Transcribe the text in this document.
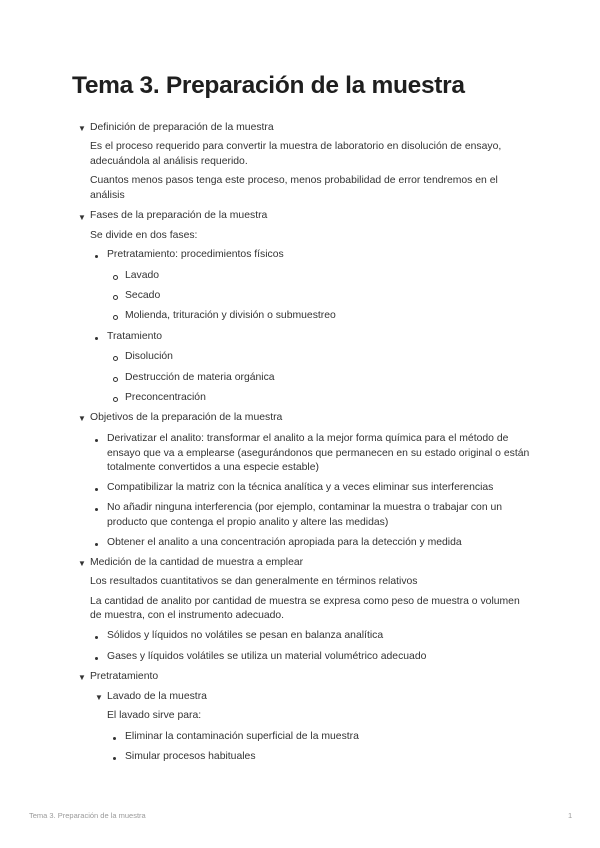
Tema 3. Preparación de la muestra
▼ Definición de preparación de la muestra
Es el proceso requerido para convertir la muestra de laboratorio en disolución de ensayo,
adecuándola al análisis requerido.
Cuantos menos pasos tenga este proceso, menos probabilidad de error tendremos en el
análisis
▼ Fases de la preparación de la muestra
Se divide en dos fases:
Pretratamiento: procedimientos físicos
Lavado
Secado
Molienda, trituración y división o submuestreo
Tratamiento
Disolución
Destrucción de materia orgánica
Preconcentración
▼ Objetivos de la preparación de la muestra
Derivatizar el analito: transformar el analito a la mejor forma química para el método de
ensayo que va a emplearse (asegurándonos que permanecen en su estado original o están
totalmente convertidos a una especie estable)
Compatibilizar la matriz con la técnica analítica y a veces eliminar sus interferencias
No añadir ninguna interferencia (por ejemplo, contaminar la muestra o trabajar con un
producto que contenga el propio analito y altere las medidas)
Obtener el analito a una concentración apropiada para la detección y medida
▼ Medición de la cantidad de muestra a emplear
Los resultados cuantitativos se dan generalmente en términos relativos
La cantidad de analito por cantidad de muestra se expresa como peso de muestra o volumen
de muestra, con el instrumento adecuado.
Sólidos y líquidos no volátiles se pesan en balanza analítica
Gases y líquidos volátiles se utiliza un material volumétrico adecuado
▼ Pretratamiento
▼ Lavado de la muestra
El lavado sirve para:
Eliminar la contaminación superficial de la muestra
Simular procesos habituales
Tema 3. Preparación de la muestra	1
